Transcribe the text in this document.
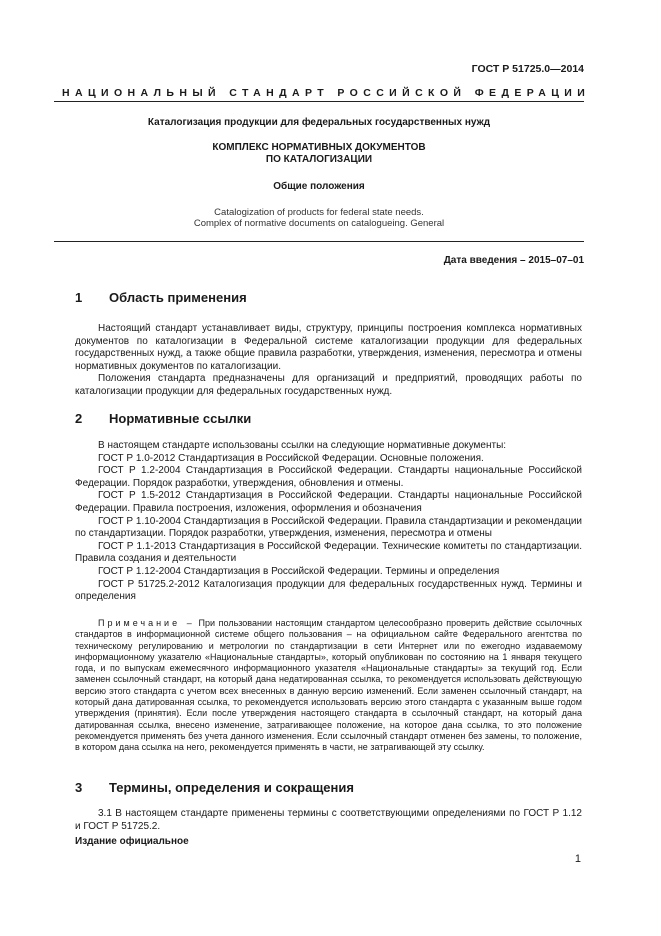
ГОСТ Р 51725.0—2014
НАЦИОНАЛЬНЫЙ СТАНДАРТ РОССИЙСКОЙ ФЕДЕРАЦИИ
Каталогизация продукции для федеральных государственных нужд
КОМПЛЕКС НОРМАТИВНЫХ ДОКУМЕНТОВ
ПО КАТАЛОГИЗАЦИИ
Общие положения
Catalogization of products for federal state needs.
Complex of normative documents on catalogueing. General
Дата введения – 2015–07–01
1 Область применения

Настоящий стандарт устанавливает виды, структуру, принципы построения комплекса нормативных документов по каталогизации в Федеральной системе каталогизации продукции для федеральных государственных нужд, а также общие правила разработки, утверждения, изменения, пересмотра и отмены нормативных документов по каталогизации.

Положения стандарта предназначены для организаций и предприятий, проводящих работы по каталогизации продукции для федеральных государственных нужд.

2 Нормативные ссылки

В настоящем стандарте использованы ссылки на следующие нормативные документы:

ГОСТ Р 1.0-2012 Стандартизация в Российской Федерации. Основные положения.

ГОСТ Р 1.2-2004 Стандартизация в Российской Федерации. Стандарты национальные Российской Федерации. Порядок разработки, утверждения, обновления и отмены.

ГОСТ Р 1.5-2012 Стандартизация в Российской Федерации. Стандарты национальные Российской Федерации. Правила построения, изложения, оформления и обозначения

ГОСТ Р 1.10-2004 Стандартизация в Российской Федерации. Правила стандартизации и рекомендации по стандартизации. Порядок разработки, утверждения, изменения, пересмотра и отмены

ГОСТ Р 1.1-2013 Стандартизация в Российской Федерации. Технические комитеты по стандартизации. Правила создания и деятельности

ГОСТ Р 1.12-2004 Стандартизация в Российской Федерации. Термины и определения

ГОСТ Р 51725.2-2012 Каталогизация продукции для федеральных государственных нужд. Термины и определения

Примечание – При пользовании настоящим стандартом целесообразно проверить действие ссылочных стандартов в информационной системе общего пользования – на официальном сайте Федерального агентства по техническому регулированию и метрологии по стандартизации в сети Интернет или по ежегодно издаваемому информационному указателю «Национальные стандарты», который опубликован по состоянию на 1 января текущего года, и по выпускам ежемесячного информационного указателя «Национальные стандарты» за текущий год. Если заменен ссылочный стандарт, на который дана недатированная ссылка, то рекомендуется использовать действующую версию этого стандарта с учетом всех внесенных в данную версию изменений. Если заменен ссылочный стандарт, на который дана датированная ссылка, то рекомендуется использовать версию этого стандарта с указанным выше годом утверждения (принятия). Если после утверждения настоящего стандарта в ссылочный стандарт, на который дана датированная ссылка, внесено изменение, затрагивающее положение, на которое дана ссылка, то это положение рекомендуется применять без учета данного изменения. Если ссылочный стандарт отменен без замены, то положение, в котором дана ссылка на него, рекомендуется применять в части, не затрагивающей эту ссылку.
3 Термины, определения и сокращения

3.1 В настоящем стандарте применены термины с соответствующими определениями по ГОСТ Р 1.12 и ГОСТ Р 51725.2.

Издание официальное
1
